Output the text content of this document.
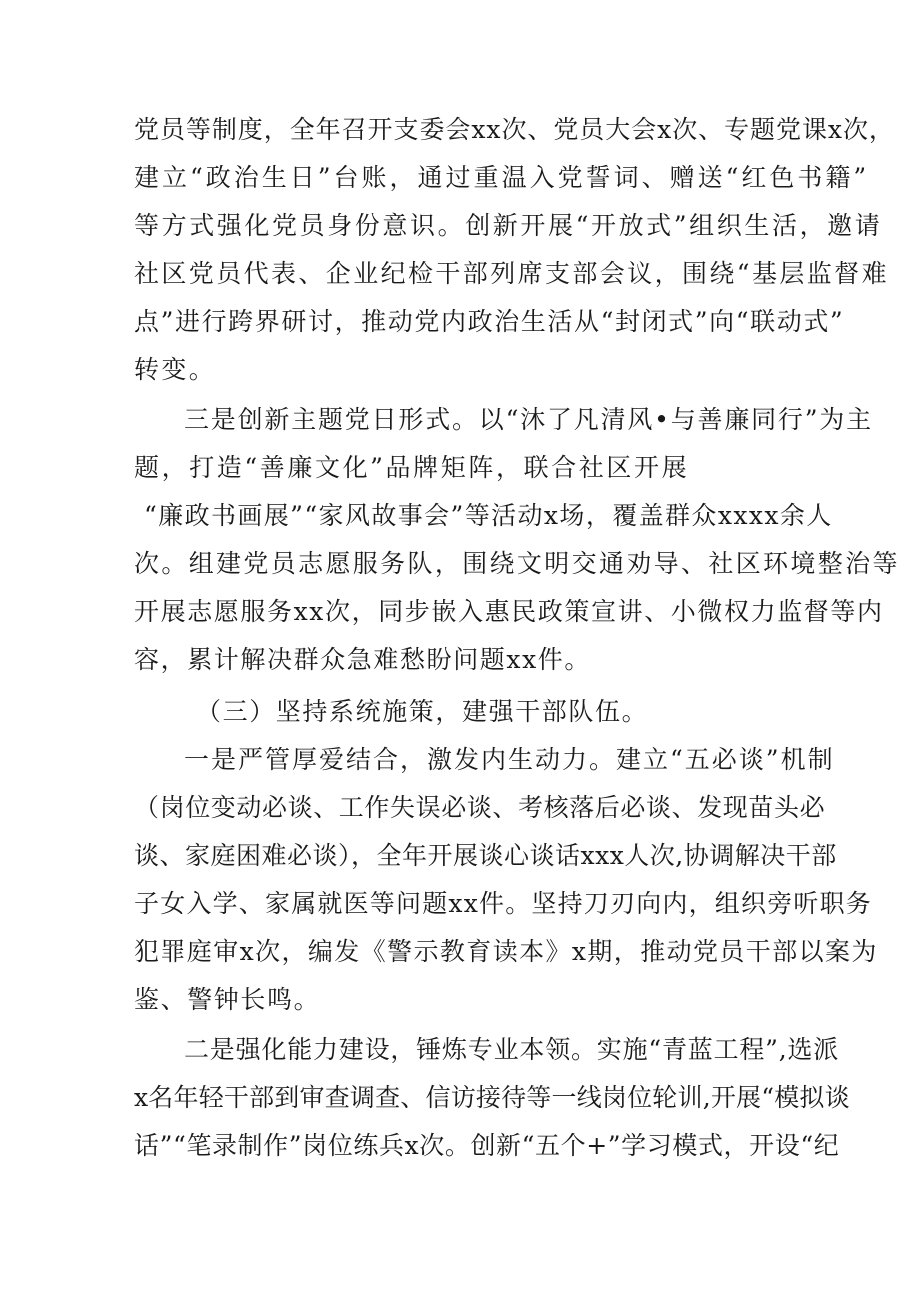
党员等制度，全年召开支委会xx次、党员大会x次、专题党课x次，
建立“政治生日”台账，通过重温入党誓词、赠送“红色书籍”
等方式强化党员身份意识。创新开展“开放式”组织生活，邀请
社区党员代表、企业纪检干部列席支部会议，围绕“基层监督难
点”进行跨界研讨，推动党内政治生活从“封闭式”向“联动式”
转变。
三是创新主题党日形式。以“沐了凡清风•与善廉同行”为主
题，打造“善廉文化”品牌矩阵，联合社区开展
“廉政书画展”“家风故事会”等活动x场，覆盖群众xxxx余人
次。组建党员志愿服务队，围绕文明交通劝导、社区环境整治等
开展志愿服务xx次，同步嵌入惠民政策宣讲、小微权力监督等内
容，累计解决群众急难愁盼问题xx件。
（三）坚持系统施策，建强干部队伍。
一是严管厚爱结合，激发内生动力。建立“五必谈”机制
（岗位变动必谈、工作失误必谈、考核落后必谈、发现苗头必
谈、家庭困难必谈），全年开展谈心谈话xxx人次,协调解决干部
子女入学、家属就医等问题xx件。坚持刀刃向内，组织旁听职务
犯罪庭审x次，编发《警示教育读本》x期，推动党员干部以案为
鉴、警钟长鸣。
二是强化能力建设，锤炼专业本领。实施“青蓝工程”,选派
x名年轻干部到审查调查、信访接待等一线岗位轮训,开展“模拟谈
话”“笔录制作”岗位练兵x次。创新“五个+”学习模式，开设“纪
